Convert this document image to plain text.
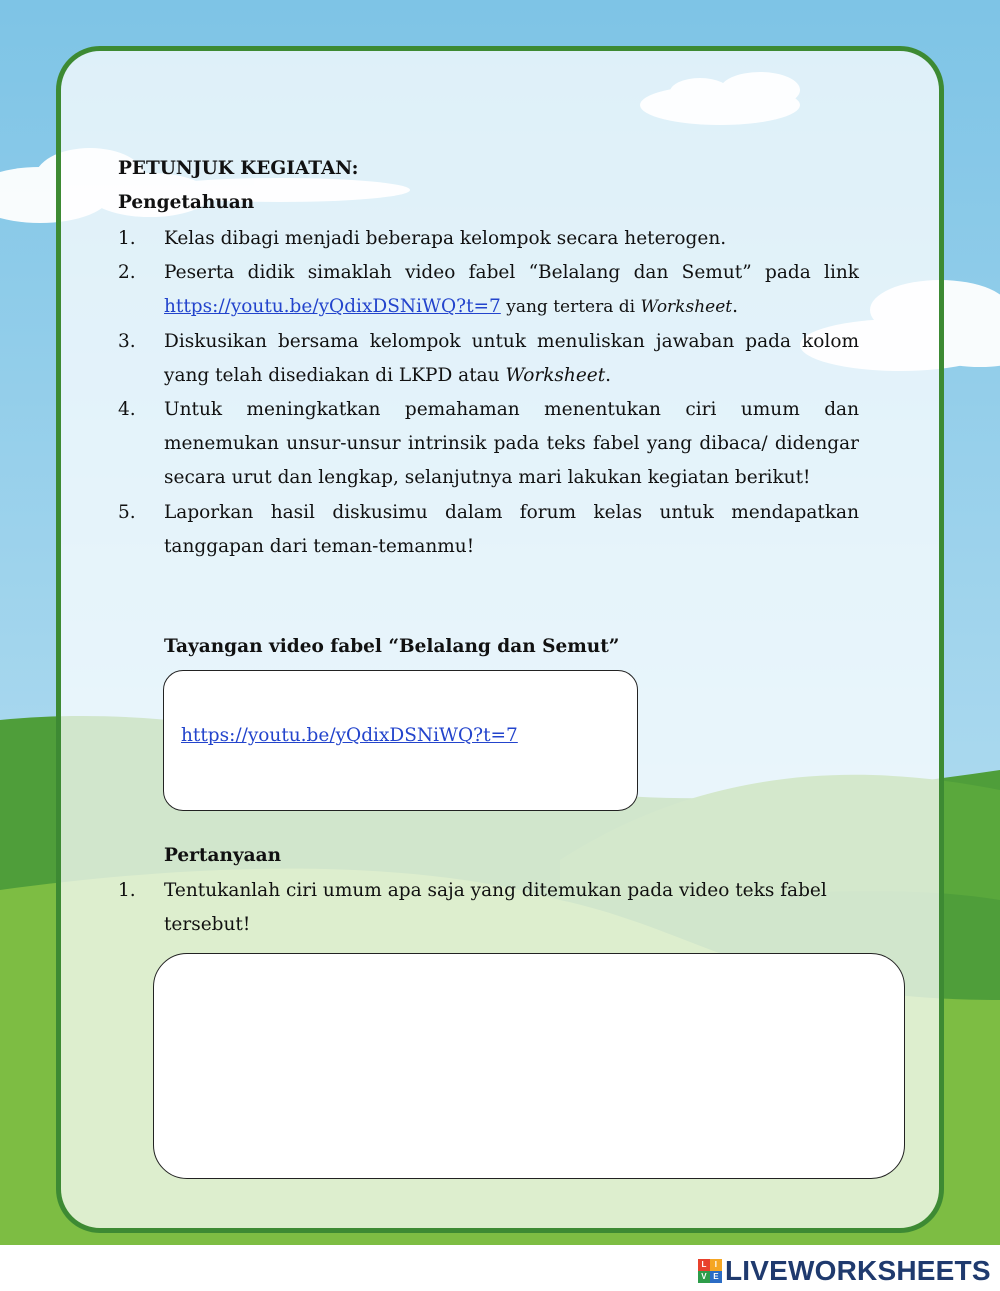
PETUNJUK KEGIATAN:
Pengetahuan
1.	Kelas dibagi menjadi beberapa kelompok secara heterogen.
2.	Peserta didik simaklah video fabel “Belalang dan Semut” pada link https://youtu.be/yQdixDSNiWQ?t=7 yang tertera di Worksheet.
3.	Diskusikan bersama kelompok untuk menuliskan jawaban pada kolom yang telah disediakan di LKPD atau Worksheet.
4.	Untuk meningkatkan pemahaman menentukan ciri umum dan menemukan unsur-unsur intrinsik pada teks fabel yang dibaca/ didengar secara urut dan lengkap, selanjutnya mari lakukan kegiatan berikut!
5.	Laporkan hasil diskusimu dalam forum kelas untuk mendapatkan tanggapan dari teman-temanmu!
Tayangan video fabel “Belalang dan Semut”
https://youtu.be/yQdixDSNiWQ?t=7
Pertanyaan
1.	Tentukanlah ciri umum apa saja yang ditemukan pada video teks fabel tersebut!
L	I
V E LIVEWORKSHEETS
